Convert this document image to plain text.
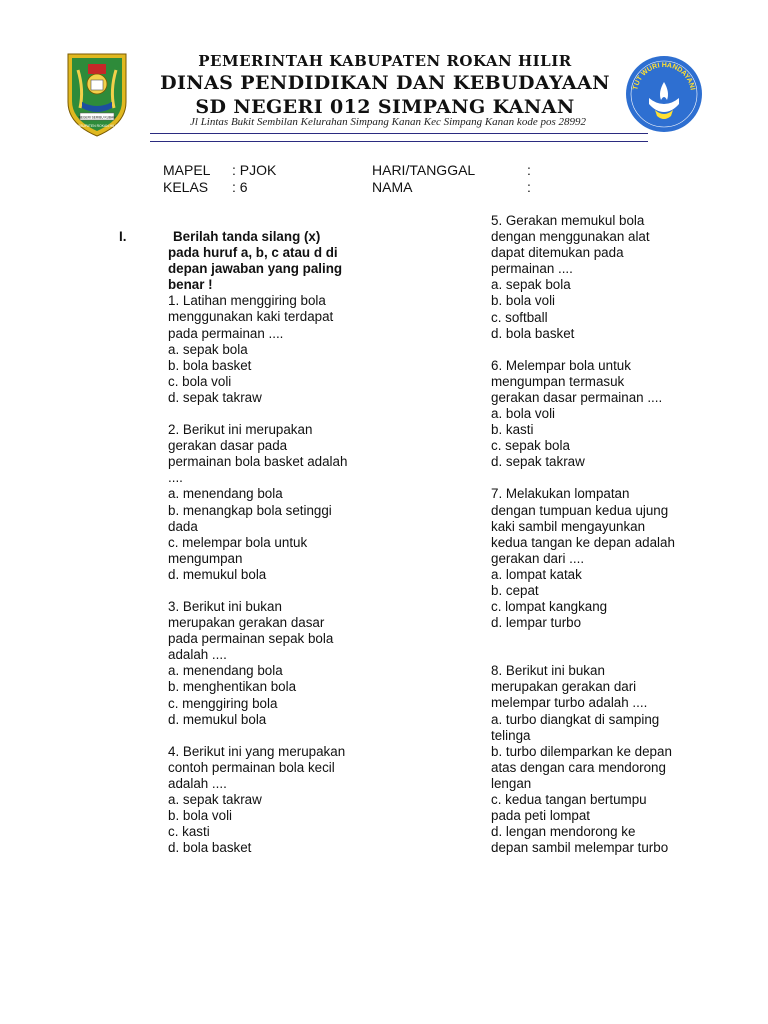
NEGERI SERIBU KUBAH
KABUPATEN ROKAN HILIR
TUT WURI HANDAYANI
PEMERINTAH KABUPATEN ROKAN HILIR
DINAS PENDIDIKAN DAN KEBUDAYAAN
SD NEGERI 012 SIMPANG KANAN
Jl Lintas Bukit Sembilan Kelurahan Simpang Kanan Kec Simpang Kanan kode pos 28992
MAPEL : PJOK
KELAS : 6
HARI/TANGGAL	:
NAMA	:
I.	Berilah tanda silang (x)
pada huruf a, b, c atau d di
depan jawaban yang paling
benar !
1. Latihan menggiring bola
menggunakan kaki terdapat
pada permainan ....
a. sepak bola
b. bola basket
c. bola voli
d. sepak takraw
2. Berikut ini merupakan
gerakan dasar pada
permainan bola basket adalah
....
a. menendang bola
b. menangkap bola setinggi
dada
c. melempar bola untuk
mengumpan
d. memukul bola
3. Berikut ini bukan
merupakan gerakan dasar
pada permainan sepak bola
adalah ....
a. menendang bola
b. menghentikan bola
c. menggiring bola
d. memukul bola
4. Berikut ini yang merupakan
contoh permainan bola kecil
adalah ....
a. sepak takraw
b. bola voli
c. kasti
d. bola basket
5. Gerakan memukul bola
dengan menggunakan alat
dapat ditemukan pada
permainan ....
a. sepak bola
b. bola voli
c. softball
d. bola basket
6. Melempar bola untuk
mengumpan termasuk
gerakan dasar permainan ....
a. bola voli
b. kasti
c. sepak bola
d. sepak takraw
7. Melakukan lompatan
dengan tumpuan kedua ujung
kaki sambil mengayunkan
kedua tangan ke depan adalah
gerakan dari ....
a. lompat katak
b. cepat
c. lompat kangkang
d. lempar turbo
8. Berikut ini bukan
merupakan gerakan dari
melempar turbo adalah ....
a. turbo diangkat di samping
telinga
b. turbo dilemparkan ke depan
atas dengan cara mendorong
lengan
c. kedua tangan bertumpu
pada peti lompat
d. lengan mendorong ke
depan sambil melempar turbo
